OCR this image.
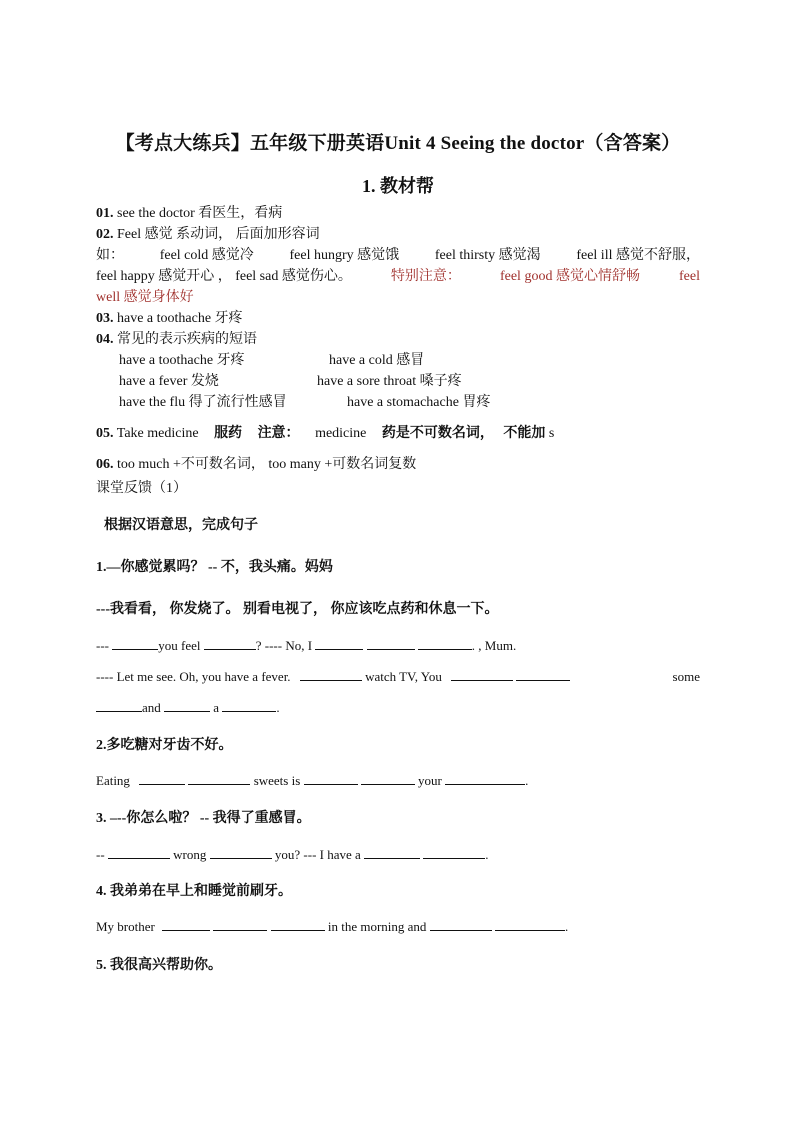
【考点大练兵】五年级下册英语Unit 4 Seeing the doctor（含答案）
1. 教材帮
01. see the doctor 看医生，看病
02. Feel 感觉 系动词， 后面加形容词
如：	feel cold 感觉冷	feel hungry 感觉饿	feel thirsty 感觉渴	feel ill 感觉不舒服，
feel happy 感觉开心 ， feel sad 感觉伤心。	特别注意：	feel good 感觉心情舒畅	feel
well 感觉身体好
03. have a toothache 牙疼
04. 常见的表示疾病的短语
have a toothache 牙疼	have a cold 感冒
have a fever 发烧	have a sore throat 嗓子疼
have the flu 得了流行性感冒	have a stomachache 胃疼
05. Take medicine 服药 注意： medicine 药是不可数名词， 不能加 s
06. too much +不可数名词， too many +可数名词复数
课堂反馈（1）
根据汉语意思，完成句子
1.—你感觉累吗？ -- 不，我头痛。妈妈
---我看看， 你发烧了。 别看电视了， 你应该吃点药和休息一下。
---	you feel	? ---- No, I	. , Mum.
---- Let me see. Oh, you have a fever.	watch TV, You	some
and	a	.
2.多吃糖对牙齿不好。
Eating	sweets is	your	.
3. –--你怎么啦？ -- 我得了重感冒。
--	wrong	you? --- I have a	.
4. 我弟弟在早上和睡觉前刷牙。
My brother	in the morning and	.
5. 我很高兴帮助你。
